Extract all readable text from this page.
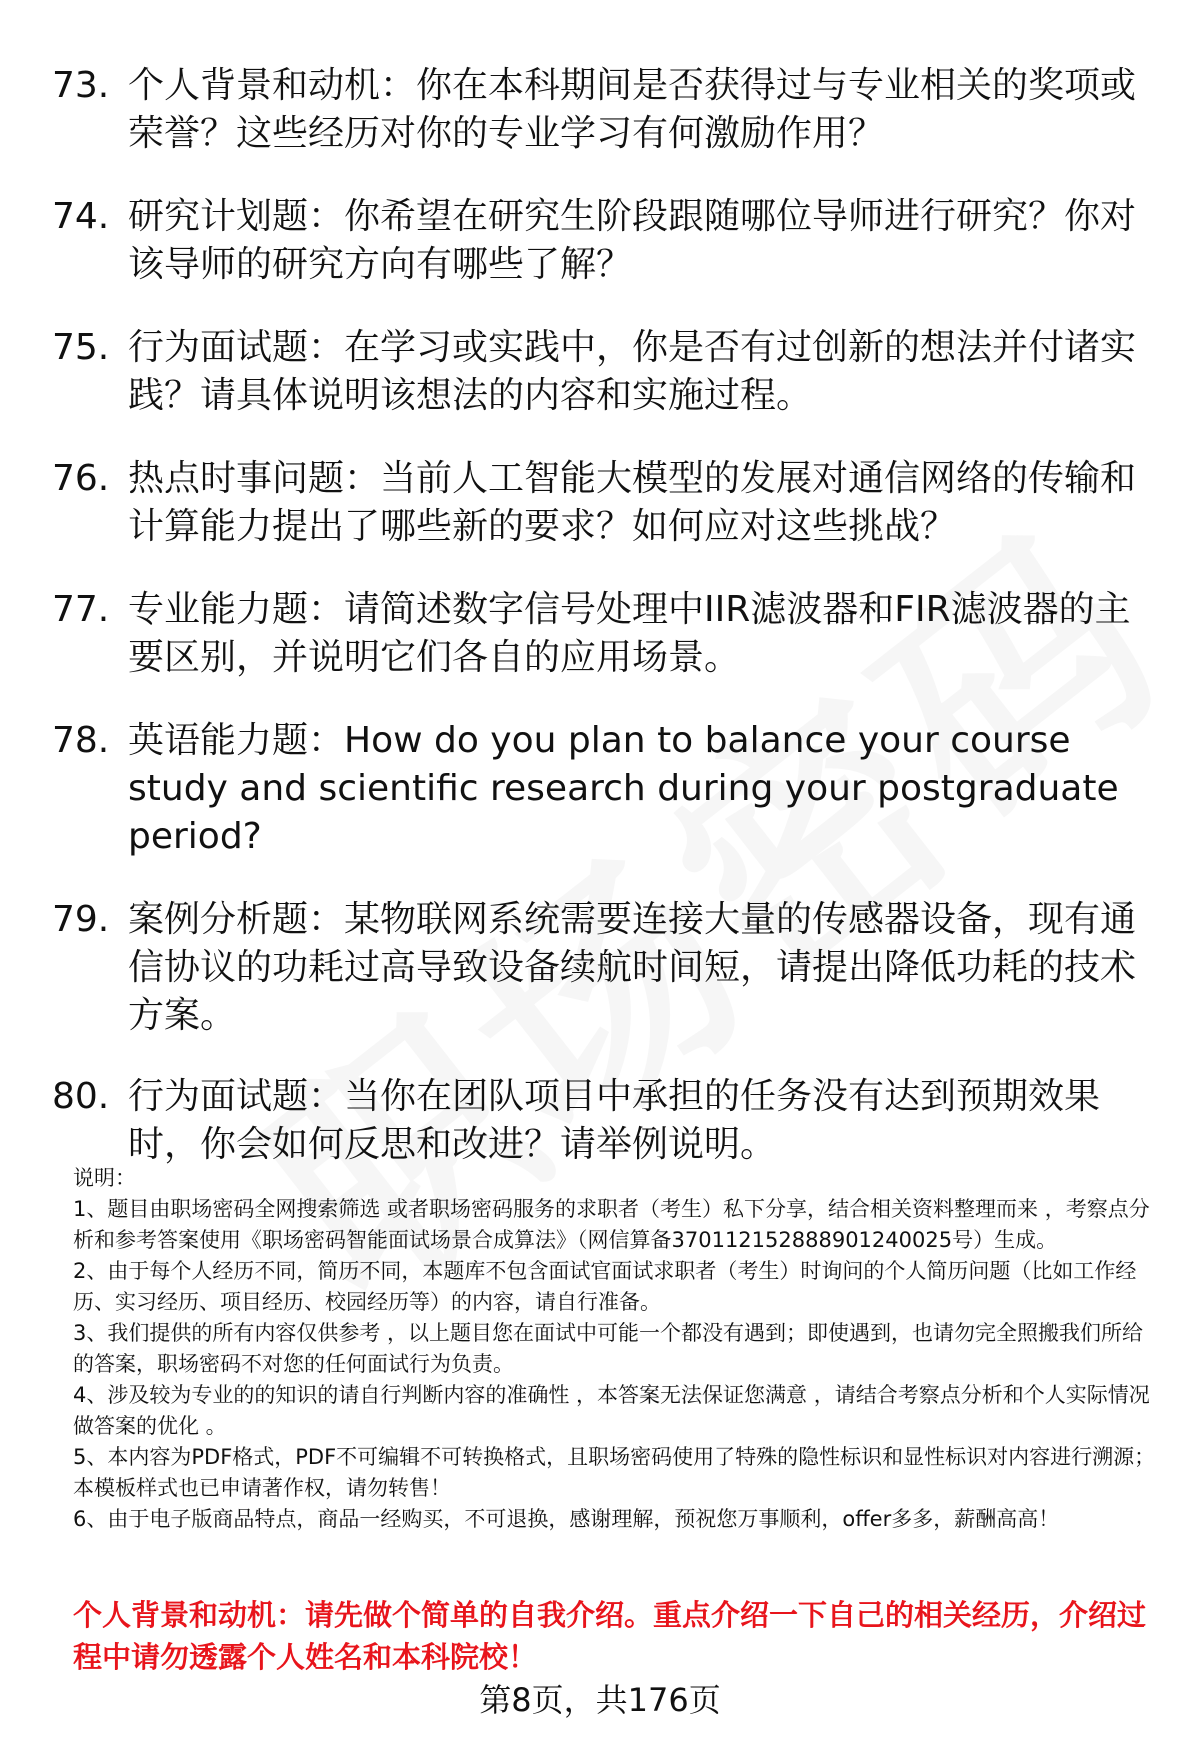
73. 个人背景和动机：你在本科期间是否获得过与专业相关的奖项或荣誉？这些经历对你的专业学习有何激励作用？
74. 研究计划题：你希望在研究生阶段跟随哪位导师进行研究？你对该导师的研究方向有哪些了解？
75. 行为面试题：在学习或实践中，你是否有过创新的想法并付诸实践？请具体说明该想法的内容和实施过程。
76. 热点时事问题：当前人工智能大模型的发展对通信网络的传输和计算能力提出了哪些新的要求？如何应对这些挑战？
77. 专业能力题：请简述数字信号处理中IIR滤波器和FIR滤波器的主要区别，并说明它们各自的应用场景。
78. 英语能力题：How do you plan to balance your course study and scientific research during your postgraduate period?
79. 案例分析题：某物联网系统需要连接大量的传感器设备，现有通信协议的功耗过高导致设备续航时间短，请提出降低功耗的技术方案。
80. 行为面试题：当你在团队项目中承担的任务没有达到预期效果时，你会如何反思和改进？请举例说明。

说明：

1、题目由职场密码全网搜索筛选 或者职场密码服务的求职者（考生）私下分享，结合相关资料整理而来 ，考察点分析和参考答案使用《职场密码智能面试场景合成算法》（网信算备370112152888901240025号）生成。

2、由于每个人经历不同，简历不同，本题库不包含面试官面试求职者（考生）时询问的个人简历问题（比如工作经历、实习经历、项目经历、校园经历等）的内容，请自行准备。

3、我们提供的所有内容仅供参考 ，以上题目您在面试中可能一个都没有遇到；即使遇到，也请勿完全照搬我们所给的答案，职场密码不对您的任何面试行为负责。

4、涉及较为专业的的知识的请自行判断内容的准确性 ，本答案无法保证您满意 ，请结合考察点分析和个人实际情况做答案的优化 。

5、本内容为PDF格式，PDF不可编辑不可转换格式，且职场密码使用了特殊的隐性标识和显性标识对内容进行溯源；本模板样式也已申请著作权，请勿转售！

6、由于电子版商品特点，商品一经购买，不可退换，感谢理解，预祝您万事顺利，offer多多，薪酬高高！

个人背景和动机：请先做个简单的自我介绍。重点介绍一下自己的相关经历，介绍过程中请勿透露个人姓名和本科院校！
第8页，共176页
